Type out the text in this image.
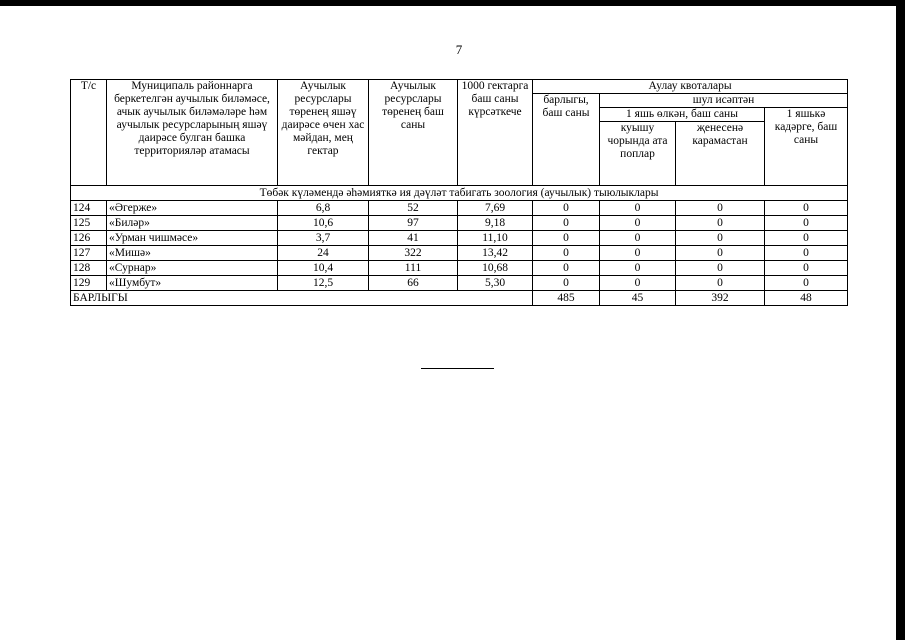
7
Т/с	Муниципаль районнарга беркетелгән аучылык биләмәсе, ачык аучылык биләмәләре һәм аучылык ресурсларының яшәү даирәсе булган башка территорияләр атамасы	Аучылык ресурслары төренең яшәү даирәсе өчен хас мәйдан, мең гектар	Аучылык ресурслары төренең баш саны	1000 гектарга баш саны күрсәткече	Аулау квоталары			
					барлыгы, баш саны	шул исәптән		
						1 яшь өлкән, баш саны		1 яшькә кадәрге, баш саны
						куышу чорында ата поплар	җенесенә карамастан	
Төбәк күләмендә әһәмияткә ия дәүләт табигать зоология (аучылык) тыюлыклары								
124	«Әгерже»	6,8	52	7,69	0	0	0	0
125	«Биләр»	10,6	97	9,18	0	0	0	0
126	«Урман чишмәсе»	3,7	41	11,10	0	0	0	0
127	«Мишә»	24	322	13,42	0	0	0	0
128	«Сурнар»	10,4	111	10,68	0	0	0	0
129	«Шумбут»	12,5	66	5,30	0	0	0	0
БАРЛЫГЫ					485	45	392	48
